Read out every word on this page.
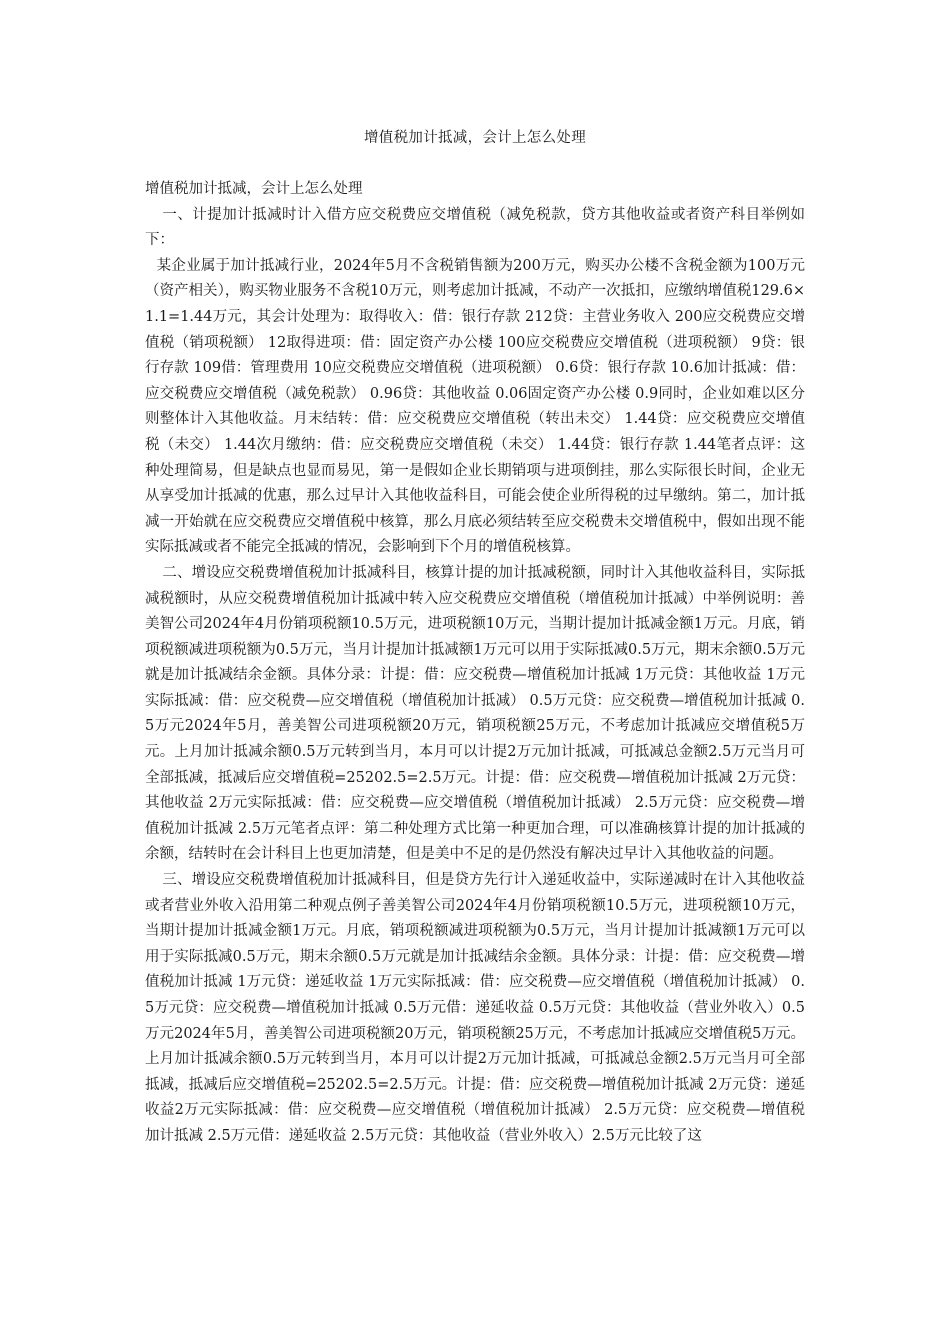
增值税加计抵减，会计上怎么处理

增值税加计抵减，会计上怎么处理

一、计提加计抵减时计入借方应交税费应交增值税（减免税款，贷方其他收益或者资产科目举例如下：

某企业属于加计抵减行业，2024年5月不含税销售额为200万元，购买办公楼不含税金额为100万元（资产相关），购买物业服务不含税10万元，则考虑加计抵减，不动产一次抵扣，应缴纳增值税129.6×1.1=1.44万元，其会计处理为：取得收入：借：银行存款 212贷：主营业务收入 200应交税费应交增值税（销项税额） 12取得进项：借：固定资产办公楼 100应交税费应交增值税（进项税额） 9贷：银行存款 109借：管理费用 10应交税费应交增值税（进项税额） 0.6贷：银行存款 10.6加计抵减：借：应交税费应交增值税（减免税款） 0.96贷：其他收益 0.06固定资产办公楼 0.9同时，企业如难以区分则整体计入其他收益。月末结转：借：应交税费应交增值税（转出未交） 1.44贷：应交税费应交增值税（未交） 1.44次月缴纳：借：应交税费应交增值税（未交） 1.44贷：银行存款 1.44笔者点评：这种处理简易，但是缺点也显而易见，第一是假如企业长期销项与进项倒挂，那么实际很长时间，企业无从享受加计抵减的优惠，那么过早计入其他收益科目，可能会使企业所得税的过早缴纳。第二，加计抵减一开始就在应交税费应交增值税中核算，那么月底必须结转至应交税费未交增值税中，假如出现不能实际抵减或者不能完全抵减的情况，会影响到下个月的增值税核算。

二、增设应交税费增值税加计抵减科目，核算计提的加计抵减税额，同时计入其他收益科目，实际抵减税额时，从应交税费增值税加计抵减中转入应交税费应交增值税（增值税加计抵减）中举例说明：善美智公司2024年4月份销项税额10.5万元，进项税额10万元，当期计提加计抵减金额1万元。月底，销项税额减进项税额为0.5万元，当月计提加计抵减额1万元可以用于实际抵减0.5万元，期末余额0.5万元就是加计抵减结余金额。具体分录：计提：借：应交税费—增值税加计抵减 1万元贷：其他收益 1万元实际抵减：借：应交税费—应交增值税（增值税加计抵减） 0.5万元贷：应交税费—增值税加计抵减 0.5万元2024年5月，善美智公司进项税额20万元，销项税额25万元，不考虑加计抵减应交增值税5万元。上月加计抵减余额0.5万元转到当月，本月可以计提2万元加计抵减，可抵减总金额2.5万元当月可全部抵减，抵减后应交增值税=25202.5=2.5万元。计提：借：应交税费—增值税加计抵减 2万元贷：其他收益 2万元实际抵减：借：应交税费—应交增值税（增值税加计抵减） 2.5万元贷：应交税费—增值税加计抵减 2.5万元笔者点评：第二种处理方式比第一种更加合理，可以准确核算计提的加计抵减的余额，结转时在会计科目上也更加清楚，但是美中不足的是仍然没有解决过早计入其他收益的问题。

三、增设应交税费增值税加计抵减科目，但是贷方先行计入递延收益中，实际递减时在计入其他收益或者营业外收入沿用第二种观点例子善美智公司2024年4月份销项税额10.5万元，进项税额10万元，当期计提加计抵减金额1万元。月底，销项税额减进项税额为0.5万元，当月计提加计抵减额1万元可以用于实际抵减0.5万元，期末余额0.5万元就是加计抵减结余金额。具体分录：计提：借：应交税费—增值税加计抵减 1万元贷：递延收益 1万元实际抵减：借：应交税费—应交增值税（增值税加计抵减） 0.5万元贷：应交税费—增值税加计抵减 0.5万元借：递延收益 0.5万元贷：其他收益（营业外收入）0.5万元2024年5月，善美智公司进项税额20万元，销项税额25万元，不考虑加计抵减应交增值税5万元。上月加计抵减余额0.5万元转到当月，本月可以计提2万元加计抵减，可抵减总金额2.5万元当月可全部抵减，抵减后应交增值税=25202.5=2.5万元。计提：借：应交税费—增值税加计抵减 2万元贷：递延收益2万元实际抵减：借：应交税费—应交增值税（增值税加计抵减） 2.5万元贷：应交税费—增值税加计抵减 2.5万元借：递延收益 2.5万元贷：其他收益（营业外收入）2.5万元比较了这
